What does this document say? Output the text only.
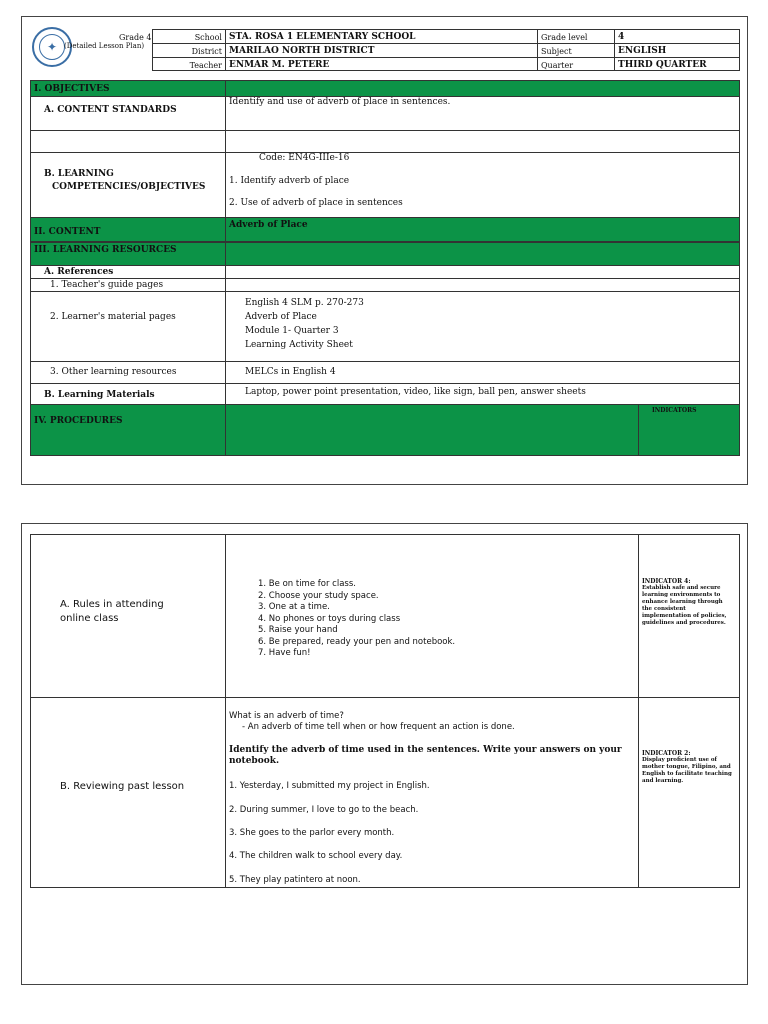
✦
Grade 4
(Detailed Lesson Plan)
School
District
Teacher
STA. ROSA 1 ELEMENTARY SCHOOL
MARILAO NORTH DISTRICT
ENMAR M. PETERE
Grade level
Subject
Quarter
4
ENGLISH
THIRD QUARTER
I. OBJECTIVES
A. CONTENT STANDARDS
Identify and use of adverb of place in sentences.
B. LEARNING
COMPETENCIES/OBJECTIVES
Code: EN4G-IIIe-16
1. Identify adverb of place
2. Use of adverb of place in sentences
II. CONTENT
Adverb of Place
III. LEARNING RESOURCES
A. References
1. Teacher's guide pages
2. Learner's material pages
English 4 SLM p. 270-273
Adverb of Place
Module 1- Quarter 3
Learning Activity Sheet
3. Other learning resources	MELCs in English 4
B. Learning Materials	Laptop, power point presentation, video, like sign, ball pen, answer sheets
IV. PROCEDURES
INDICATORS
A. Rules in attending
online class
1. Be on time for class.
2. Choose your study space.
3. One at a time.
4. No phones or toys during class
5. Raise your hand
6. Be prepared, ready your pen and notebook.
7. Have fun!
INDICATOR 4:
Establish safe and secure learning environments to enhance learning through the consistent implementation of policies, guidelines and procedures.
B. Reviewing past lesson
What is an adverb of time?
- An adverb of time tell when or how frequent an action is done.
Identify the adverb of time used in the sentences. Write your answers on your
notebook.
1. Yesterday, I submitted my project in English.
2. During summer, I love to go to the beach.
3. She goes to the parlor every month.
4. The children walk to school every day.
5. They play patintero at noon.
INDICATOR 2:
Display proficient use of mother tongue, Filipino, and English to facilitate teaching and learning.
